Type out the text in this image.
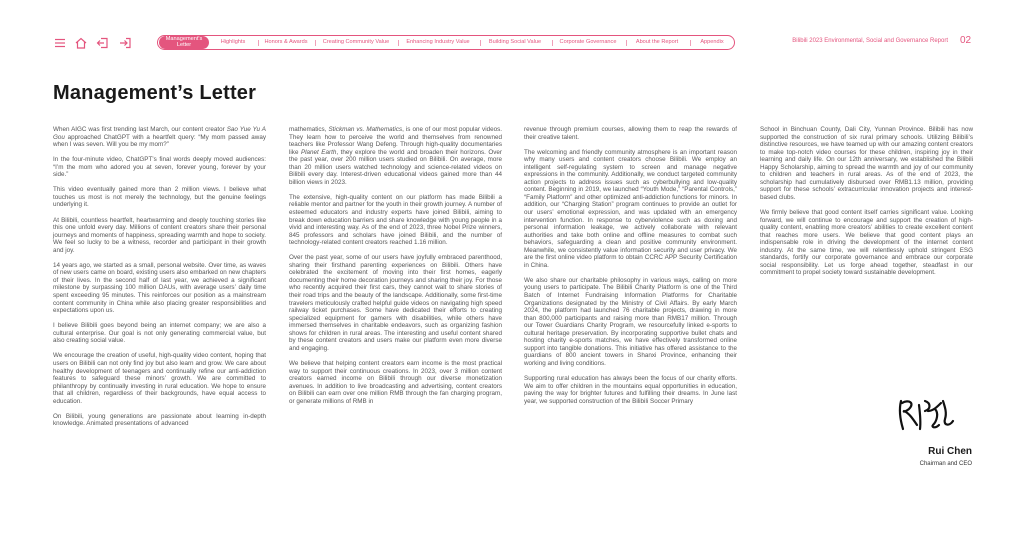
Management's Letter	Highlights	Honors & Awards	Creating Community Value	Enhancing Industry Value	Building Social Value	Corporate Governance	About the Report	Appendix	Bilibili 2023 Environmental, Social and Governance Report 02
Management’s Letter

When AIGC was first trending last March, our content creator Sao Yue Yu A Gou approached ChatGPT with a heartfelt query: “My mom passed away when I was seven. Will you be my mom?”

In the four-minute video, ChatGPT’s final words deeply moved audiences: “I’m the mom who adored you at seven, forever young, forever by your side.”

This video eventually gained more than 2 million views. I believe what touches us most is not merely the technology, but the genuine feelings underlying it.

At Bilibili, countless heartfelt, heartwarming and deeply touching stories like this one unfold every day. Millions of content creators share their personal journeys and moments of happiness, spreading warmth and hope to society. We feel so lucky to be a witness, recorder and participant in their growth and joy.

14 years ago, we started as a small, personal website. Over time, as waves of new users came on board, existing users also embarked on new chapters of their lives. In the second half of last year, we achieved a significant milestone by surpassing 100 million DAUs, with average users’ daily time spent exceeding 95 minutes. This reinforces our position as a mainstream content community in China while also placing greater responsibilities and expectations upon us.

I believe Bilibili goes beyond being an internet company; we are also a cultural enterprise. Our goal is not only generating commercial value, but also creating social value.

We encourage the creation of useful, high-quality video content, hoping that users on Bilibili can not only find joy but also learn and grow. We care about healthy development of teenagers and continually refine our anti-addiction features to safeguard these minors’ growth. We are committed to philanthropy by continually investing in rural education. We hope to ensure that all children, regardless of their backgrounds, have equal access to education.

On Bilibili, young generations are passionate about learning in-depth knowledge. Animated presentations of advanced

mathematics, Stickman vs. Mathematics, is one of our most popular videos. They learn how to perceive the world and themselves from renowned teachers like Professor Wang Defeng. Through high-quality documentaries like Planet Earth, they explore the world and broaden their horizons. Over the past year, over 200 million users studied on Bilibili. On average, more than 20 million users watched technology and science-related videos on Bilibili every day. Interest-driven educational videos gained more than 44 billion views in 2023.

The extensive, high-quality content on our platform has made Bilibili a reliable mentor and partner for the youth in their growth journey. A number of esteemed educators and industry experts have joined Bilibili, aiming to break down education barriers and share knowledge with young people in a vivid and interesting way. As of the end of 2023, three Nobel Prize winners, 845 professors and scholars have joined Bilibili, and the number of technology-related content creators reached 1.16 million.

Over the past year, some of our users have joyfully embraced parenthood, sharing their firsthand parenting experiences on Bilibili. Others have celebrated the excitement of moving into their first homes, eagerly documenting their home decoration journeys and sharing their joy. For those who recently acquired their first cars, they cannot wait to share stories of their road trips and the beauty of the landscape. Additionally, some first-time travelers meticulously crafted helpful guide videos on navigating high speed railway ticket purchases. Some have dedicated their efforts to creating specialized equipment for gamers with disabilities, while others have immersed themselves in charitable endeavors, such as organizing fashion shows for children in rural areas. The interesting and useful content shared by these content creators and users make our platform even more diverse and engaging.

We believe that helping content creators earn income is the most practical way to support their continuous creations. In 2023, over 3 million content creators earned income on Bilibili through our diverse monetization avenues. In addition to live broadcasting and advertising, content creators on Bilibili can earn over one million RMB through the fan charging program, or generate millions of RMB in

revenue through premium courses, allowing them to reap the rewards of their creative talent.

The welcoming and friendly community atmosphere is an important reason why many users and content creators choose Bilibili. We employ an intelligent self-regulating system to screen and manage negative expressions in the community. Additionally, we conduct targeted community action projects to address issues such as cyberbullying and low-quality content. Beginning in 2019, we launched “Youth Mode,” “Parental Controls,” “Family Platform” and other optimized anti-addiction functions for minors. In addition, our “Charging Station” program continues to provide an outlet for our users’ emotional expression, and was updated with an emergency intervention function. In response to cyberviolence such as doxing and personal information leakage, we actively collaborate with relevant authorities and take both online and offline measures to combat such behaviors, safeguarding a clean and positive community environment. Meanwhile, we consistently value information security and user privacy. We are the first online video platform to obtain CCRC APP Security Certification in China.

We also share our charitable philosophy in various ways, calling on more young users to participate. The Bilibili Charity Platform is one of the Third Batch of Internet Fundraising Information Platforms for Charitable Organizations designated by the Ministry of Civil Affairs. By early March 2024, the platform had launched 76 charitable projects, drawing in more than 800,000 participants and raising more than RMB17 million. Through our Tower Guardians Charity Program, we resourcefully linked e-sports to cultural heritage preservation. By incorporating supportive bullet chats and hosting charity e-sports matches, we have effectively transformed online support into tangible donations. This initiative has offered assistance to the guardians of 800 ancient towers in Shanxi Province, enhancing their working and living conditions.

Supporting rural education has always been the focus of our charity efforts. We aim to offer children in the mountains equal opportunities in education, paving the way for brighter futures and fulfilling their dreams. In June last year, we supported construction of the Bilibili Soccer Primary

School in Binchuan County, Dali City, Yunnan Province. Bilibili has now supported the construction of six rural primary schools. Utilizing Bilibili’s distinctive resources, we have teamed up with our amazing content creators to make top-notch video courses for these children, inspiring joy in their learning and daily life. On our 12th anniversary, we established the Bilibili Happy Scholarship, aiming to spread the warmth and joy of our community to children and teachers in rural areas. As of the end of 2023, the scholarship had cumulatively disbursed over RMB1.13 million, providing support for these schools’ extracurricular innovation projects and interest-based clubs.

We firmly believe that good content itself carries significant value. Looking forward, we will continue to encourage and support the creation of high-quality content, enabling more creators’ abilities to create excellent content that reaches more users. We believe that good content plays an indispensable role in driving the development of the internet content industry. At the same time, we will relentlessly uphold stringent ESG standards, fortify our corporate governance and embrace our corporate social responsibility. Let us forge ahead together, steadfast in our commitment to propel society toward sustainable development.

Rui Chen
Chairman and CEO
